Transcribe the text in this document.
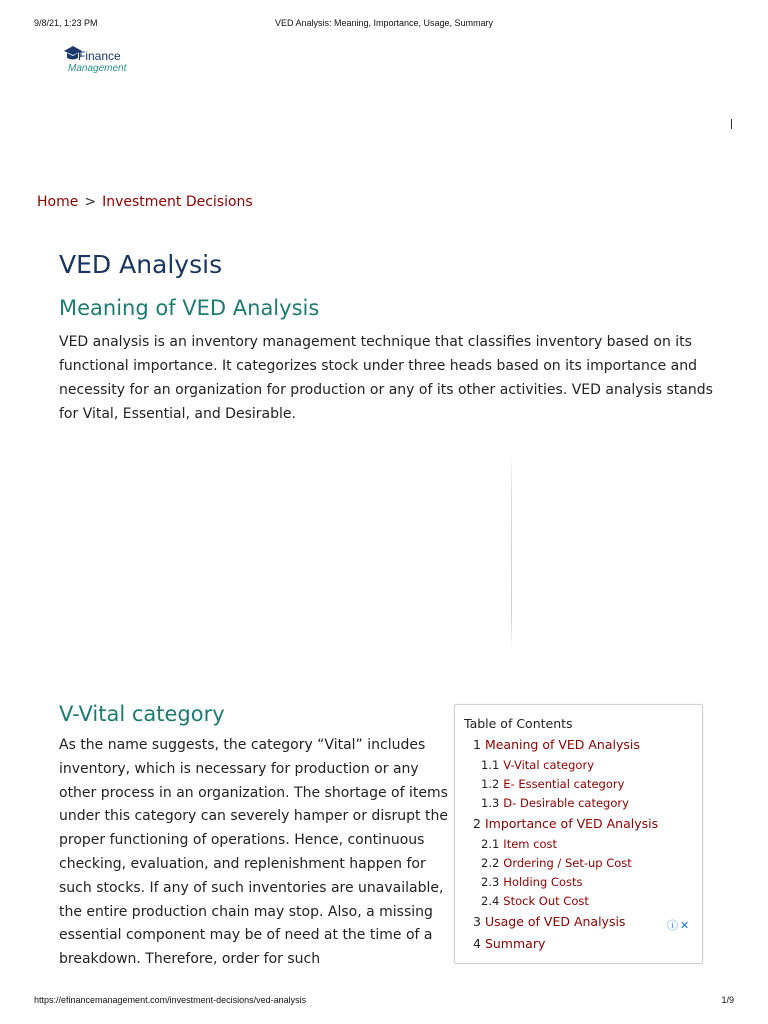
9/8/21, 1:23 PM	VED Analysis: Meaning, Importance, Usage, Summary
Finance
Management
Home > Investment Decisions
VED Analysis
Meaning of VED Analysis

VED analysis is an inventory management technique that classifies inventory based on its functional importance. It categorizes stock under three heads based on its importance and necessity for an organization for production or any of its other activities. VED analysis stands for Vital, Essential, and Desirable.

V-Vital category

As the name suggests, the category “Vital” includes inventory, which is necessary for production or any other process in an organization. The shortage of items under this category can severely hamper or disrupt the proper functioning of operations. Hence, continuous checking, evaluation, and replenishment happen for such stocks. If any of such inventories are unavailable, the entire production chain may stop. Also, a missing essential component may be of need at the time of a breakdown. Therefore, order for such

Table of Contents
1 Meaning of VED Analysis
1.1 V-Vital category
1.2 E- Essential category
1.3 D- Desirable category
2 Importance of VED Analysis
2.1 Item cost
2.2 Ordering / Set-up Cost
2.3 Holding Costs
2.4 Stock Out Cost
3 Usage of VED Analysis
4 Summary
ⓘ ✕
https://efinancemanagement.com/investment-decisions/ved-analysis	1/9
